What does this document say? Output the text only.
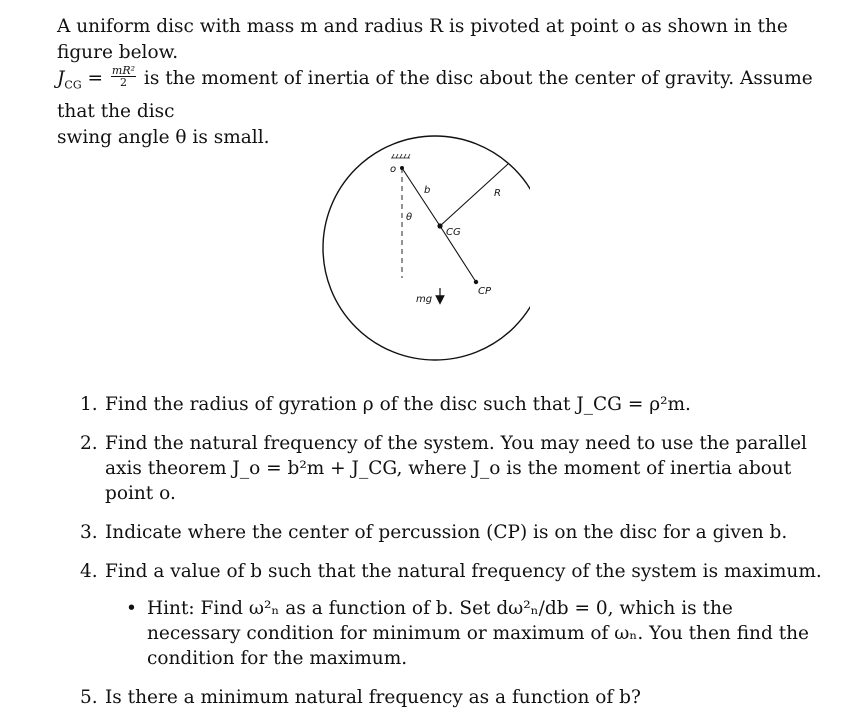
A uniform disc with mass m and radius R is pivoted at point o as shown in the figure below.

$J_{CG} = \frac{\text{mR²}}{2}$ is the moment of inertia of the disc about the center of gravity. Assume that the disc

swing angle θ is small.

o
b
θ
CG
R
CP
mg
1. Find the radius of gyration ρ of the disc such that J_CG = ρ²m.
2. Find the natural frequency of the system. You may need to use the parallel axis theorem J_o = b²m + J_CG, where J_o is the moment of inertia about point o.
3. Indicate where the center of percussion (CP) is on the disc for a given b.
4. Find a value of b such that the natural frequency of the system is maximum.
• Hint: Find ω²ₙ as a function of b. Set dω²ₙ/db = 0, which is the necessary condition for minimum or maximum of ωₙ. You then find the condition for the maximum.
5. Is there a minimum natural frequency as a function of b?
